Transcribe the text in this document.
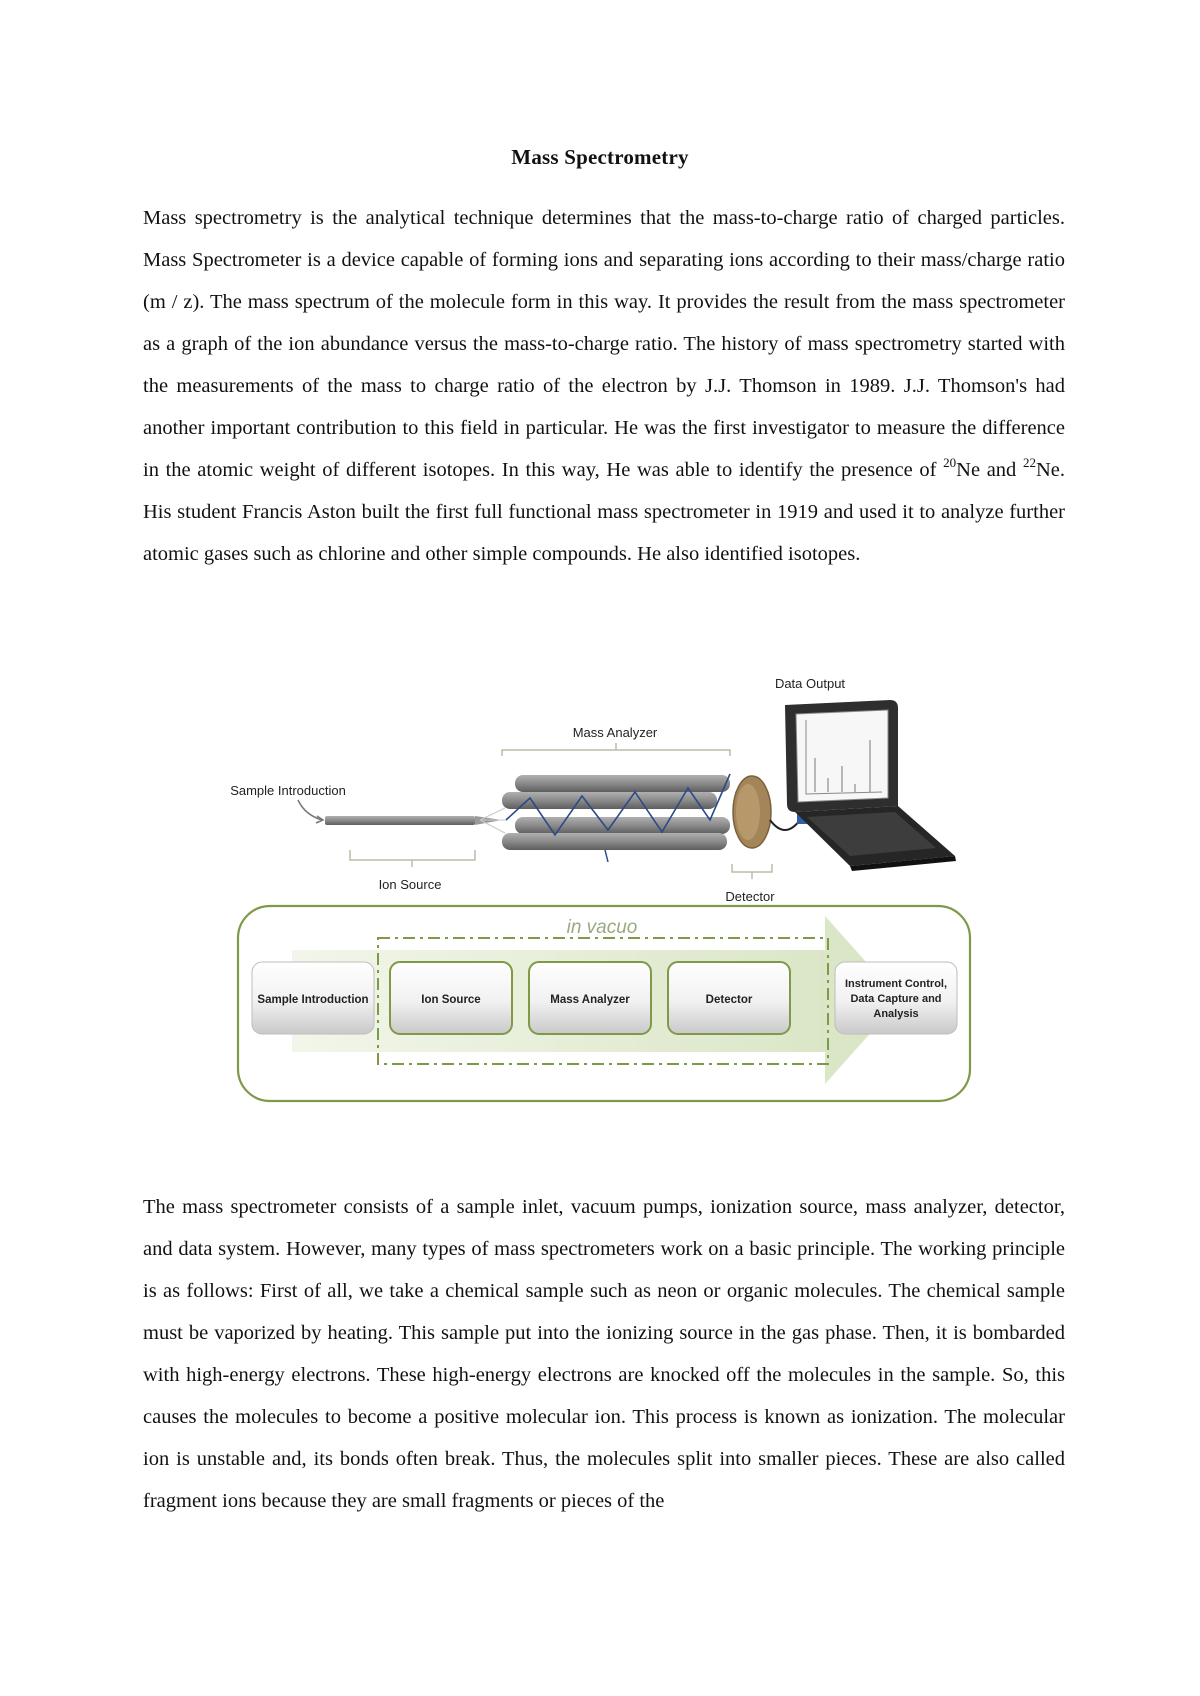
Mass Spectrometry

Mass spectrometry is the analytical technique determines that the mass-to-charge ratio of charged particles. Mass Spectrometer is a device capable of forming ions and separating ions according to their mass/charge ratio (m / z). The mass spectrum of the molecule form in this way. It provides the result from the mass spectrometer as a graph of the ion abundance versus the mass-to-charge ratio. The history of mass spectrometry started with the measurements of the mass to charge ratio of the electron by J.J. Thomson in 1989. J.J. Thomson's had another important contribution to this field in particular. He was the first investigator to measure the difference in the atomic weight of different isotopes. In this way, He was able to identify the presence of $^{20}$Ne and $^{22}$Ne. His student Francis Aston built the first full functional mass spectrometer in 1919 and used it to analyze further atomic gases such as chlorine and other simple compounds. He also identified isotopes.

Data Output
Mass Analyzer
Sample Introduction
Ion Source
Detector
in vacuo
Sample Introduction	Ion Source	Mass Analyzer	Detector
Instrument Control,
Data Capture and
Analysis

The mass spectrometer consists of a sample inlet, vacuum pumps, ionization source, mass analyzer, detector, and data system. However, many types of mass spectrometers work on a basic principle. The working principle is as follows: First of all, we take a chemical sample such as neon or organic molecules. The chemical sample must be vaporized by heating. This sample put into the ionizing source in the gas phase. Then, it is bombarded with high-energy electrons. These high-energy electrons are knocked off the molecules in the sample. So, this causes the molecules to become a positive molecular ion. This process is known as ionization. The molecular ion is unstable and, its bonds often break. Thus, the molecules split into smaller pieces. These are also called fragment ions because they are small fragments or pieces of the
